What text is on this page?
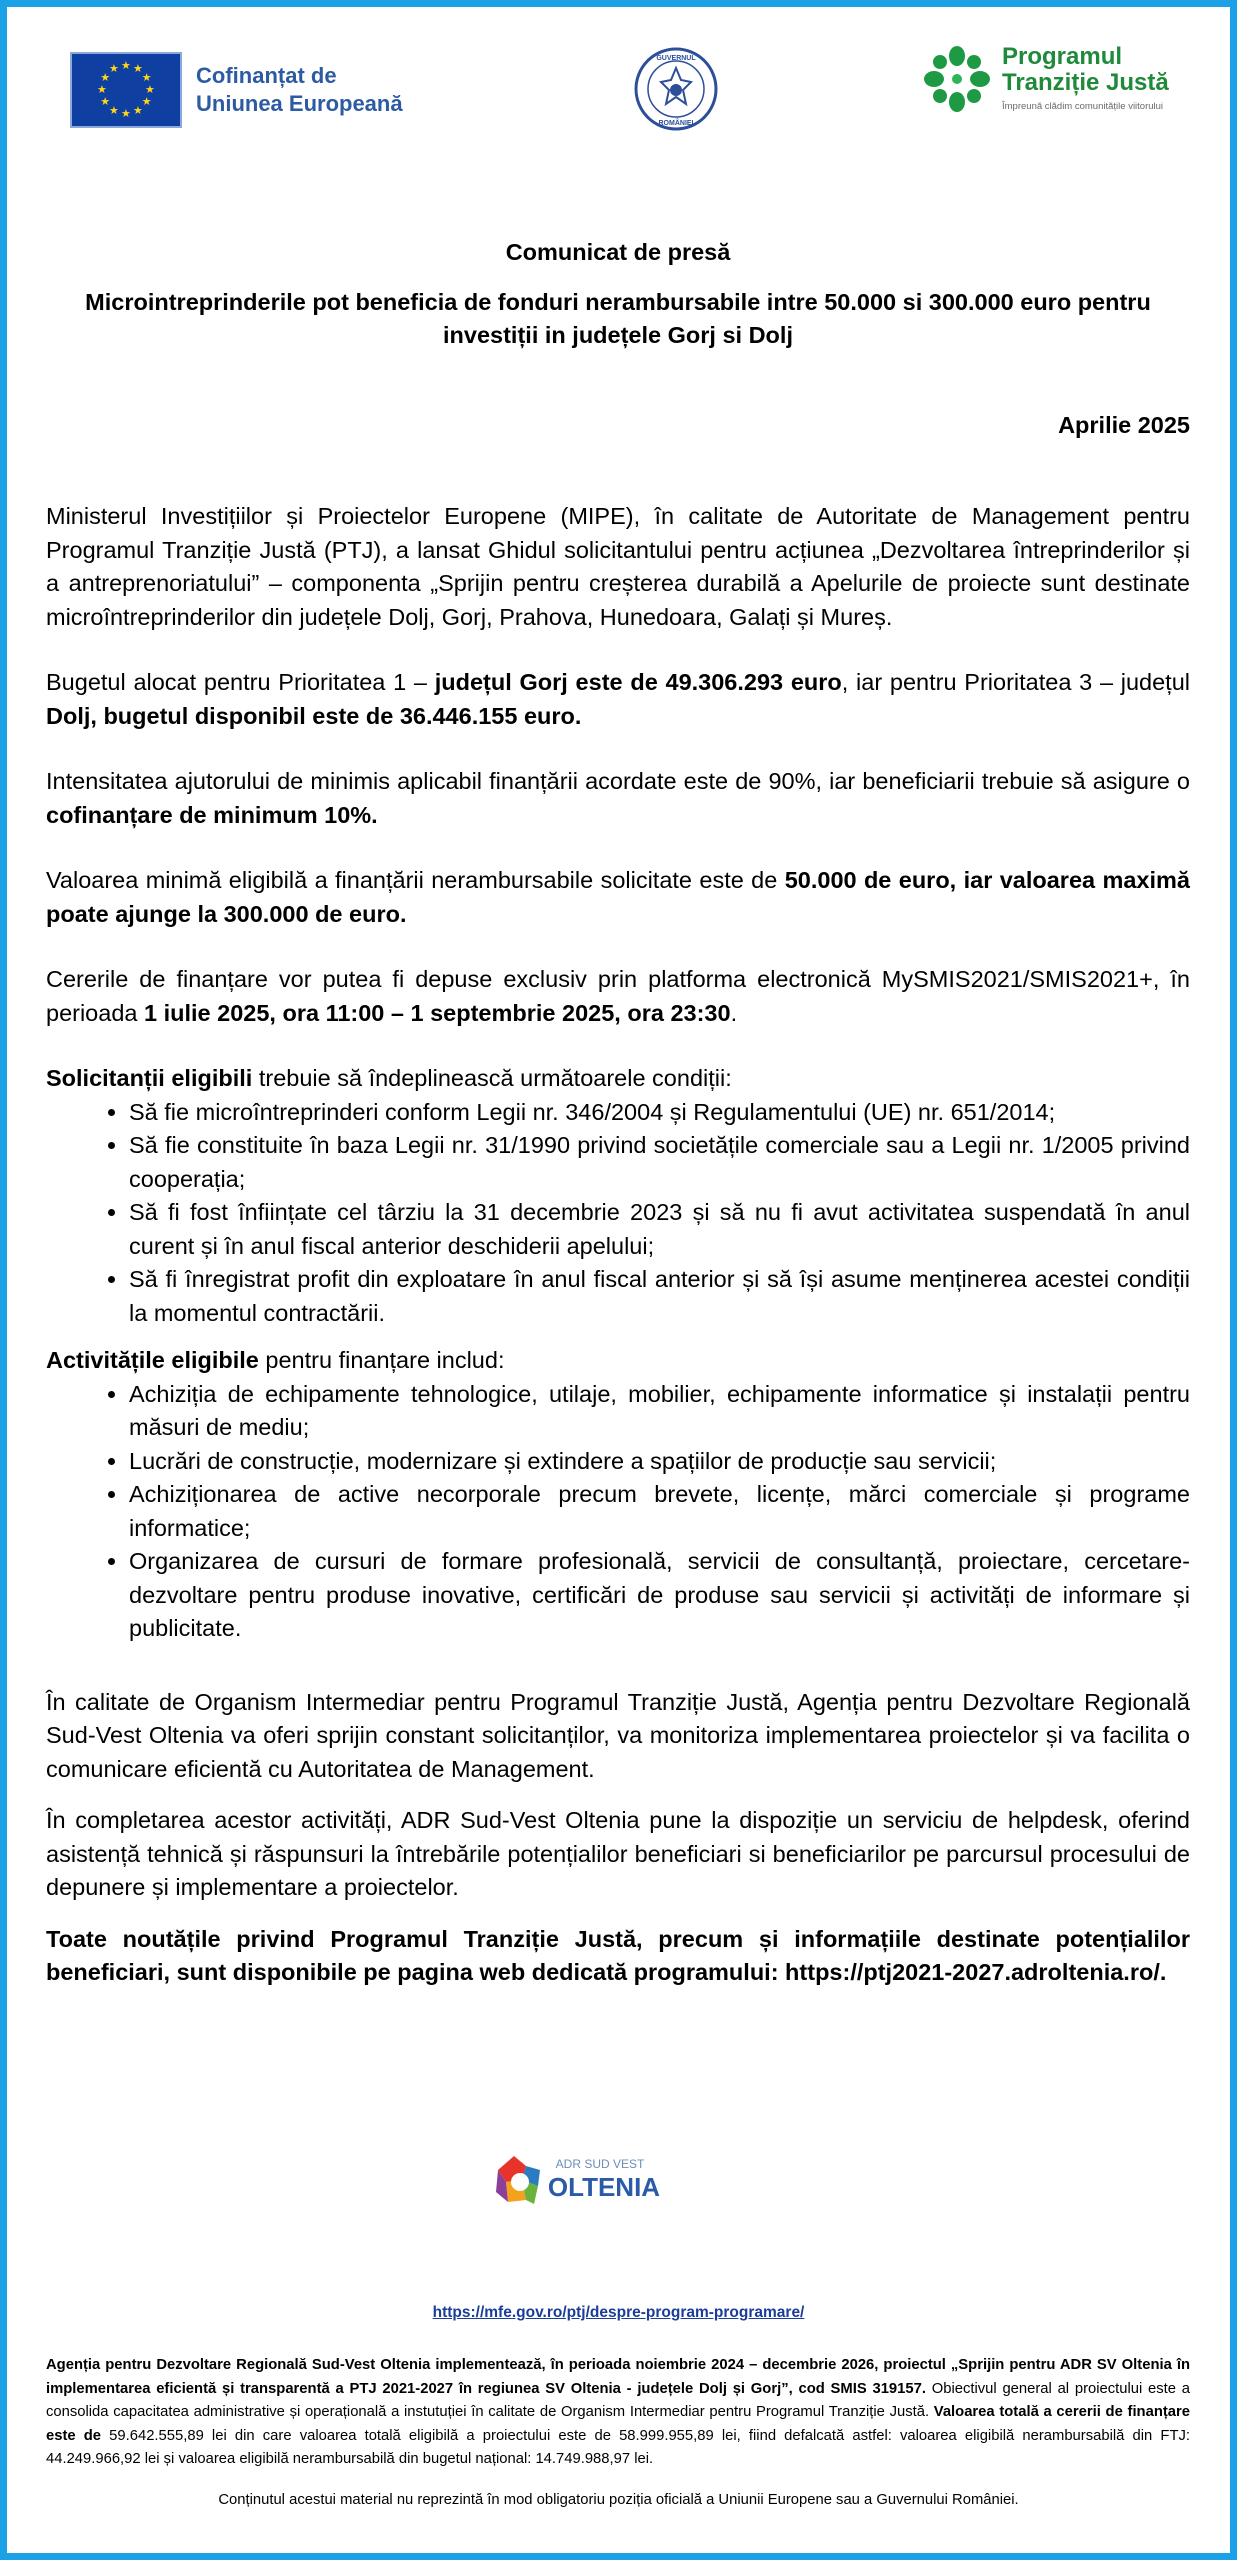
★ ★
★
★
★
★
★
★
★
★
★
★	Cofinanțat de
Uniunea Europeană
GUVERNUL
ROMÂNIEI
Programul
Tranziție Justă
Împreună clădim comunitățile viitorului
Comunicat de presă
Microintreprinderile pot beneficia de fonduri nerambursabile intre 50.000 si 300.000 euro pentru investiții in județele Gorj si Dolj
Aprilie 2025

Ministerul Investițiilor și Proiectelor Europene (MIPE), în calitate de Autoritate de Management pentru Programul Tranziție Justă (PTJ), a lansat Ghidul solicitantului pentru acțiunea „Dezvoltarea întreprinderilor și a antreprenoriatului” – componenta „Sprijin pentru creșterea durabilă a Apelurile de proiecte sunt destinate microîntreprinderilor din județele Dolj, Gorj, Prahova, Hunedoara, Galați și Mureș.

Bugetul alocat pentru Prioritatea 1 – județul Gorj este de 49.306.293 euro, iar pentru Prioritatea 3 – județul Dolj, bugetul disponibil este de 36.446.155 euro.

Intensitatea ajutorului de minimis aplicabil finanțării acordate este de 90%, iar beneficiarii trebuie să asigure o cofinanțare de minimum 10%.

Valoarea minimă eligibilă a finanțării nerambursabile solicitate este de 50.000 de euro, iar valoarea maximă poate ajunge la 300.000 de euro.

Cererile de finanțare vor putea fi depuse exclusiv prin platforma electronică MySMIS2021/SMIS2021+, în perioada 1 iulie 2025, ora 11:00 – 1 septembrie 2025, ora 23:30.

Solicitanții eligibili trebuie să îndeplinească următoarele condiții:

• Să fie microîntreprinderi conform Legii nr. 346/2004 și Regulamentului (UE) nr. 651/2014;
• Să fie constituite în baza Legii nr. 31/1990 privind societățile comerciale sau a Legii nr. 1/2005 privind cooperația;
• Să fi fost înființate cel târziu la 31 decembrie 2023 și să nu fi avut activitatea suspendată în anul curent și în anul fiscal anterior deschiderii apelului;
• Să fi înregistrat profit din exploatare în anul fiscal anterior și să își asume menținerea acestei condiții la momentul contractării.

Activitățile eligibile pentru finanțare includ:

• Achiziția de echipamente tehnologice, utilaje, mobilier, echipamente informatice și instalații pentru măsuri de mediu;
• Lucrări de construcție, modernizare și extindere a spațiilor de producție sau servicii;
• Achiziționarea de active necorporale precum brevete, licențe, mărci comerciale și programe informatice;
• Organizarea de cursuri de formare profesională, servicii de consultanță, proiectare, cercetare-dezvoltare pentru produse inovative, certificări de produse sau servicii și activități de informare și publicitate.

În calitate de Organism Intermediar pentru Programul Tranziție Justă, Agenția pentru Dezvoltare Regională Sud-Vest Oltenia va oferi sprijin constant solicitanților, va monitoriza implementarea proiectelor și va facilita o comunicare eficientă cu Autoritatea de Management.

În completarea acestor activități, ADR Sud-Vest Oltenia pune la dispoziție un serviciu de helpdesk, oferind asistență tehnică și răspunsuri la întrebările potențialilor beneficiari si beneficiarilor pe parcursul procesului de depunere și implementare a proiectelor.

Toate noutățile privind Programul Tranziție Justă, precum și informațiile destinate potențialilor beneficiari, sunt disponibile pe pagina web dedicată programului: https://ptj2021-2027.adroltenia.ro/.

ADR SUD VEST
OLTENIA
https://mfe.gov.ro/ptj/despre-program-programare/
Agenția pentru Dezvoltare Regională Sud-Vest Oltenia implementează, în perioada noiembrie 2024 – decembrie 2026, proiectul „Sprijin pentru ADR SV Oltenia în implementarea eficientă și transparentă a PTJ 2021-2027 în regiunea SV Oltenia - județele Dolj și Gorj”, cod SMIS 319157. Obiectivul general al proiectului este a consolida capacitatea administrative și operațională a instutuției în calitate de Organism Intermediar pentru Programul Tranziție Justă. Valoarea totală a cererii de finanțare este de 59.642.555,89 lei din care valoarea totală eligibilă a proiectului este de 58.999.955,89 lei, fiind defalcată astfel: valoarea eligibilă nerambursabilă din FTJ: 44.249.966,92 lei și valoarea eligibilă nerambursabilă din bugetul național: 14.749.988,97 lei.
Conținutul acestui material nu reprezintă în mod obligatoriu poziția oficială a Uniunii Europene sau a Guvernului României.
